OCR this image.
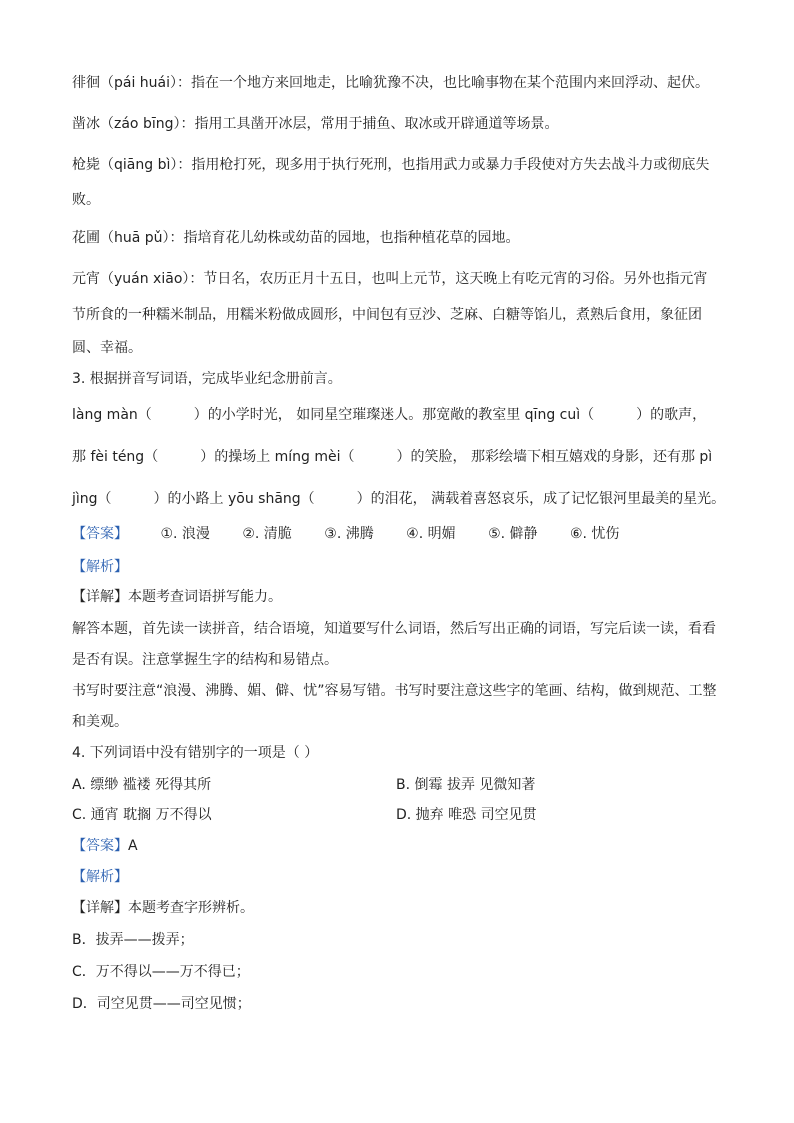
徘徊（pái huái）：指在一个地方来回地走，比喻犹豫不决，也比喻事物在某个范围内来回浮动、起伏。
凿冰（záo bīng）：指用工具凿开冰层，常用于捕鱼、取冰或开辟通道等场景。
枪毙（qiāng bì）：指用枪打死，现多用于执行死刑，也指用武力或暴力手段使对方失去战斗力或彻底失
败。
花圃（huā pǔ）：指培育花儿幼株或幼苗的园地，也指种植花草的园地。
元宵（yuán xiāo）：节日名，农历正月十五日，也叫上元节，这天晚上有吃元宵的习俗。另外也指元宵
节所食的一种糯米制品，用糯米粉做成圆形，中间包有豆沙、芝麻、白糖等馅儿，煮熟后食用，象征团
圆、幸福。
3. 根据拼音写词语，完成毕业纪念册前言。
làng màn（　　　）的小学时光， 如同星空璀璨迷人。那宽敞的教室里 qīng cuì（　　　）的歌声，
那 fèi téng（　　　）的操场上 míng mèi（　　　）的笑脸， 那彩绘墙下相互嬉戏的身影，还有那 pì
jìng（　　　）的小路上 yōu shāng（　　　）的泪花， 满载着喜怒哀乐，成了记忆银河里最美的星光。
【答案】 ①. 浪漫 ②. 清脆 ③. 沸腾 ④. 明媚 ⑤. 僻静 ⑥. 忧伤
【解析】
【详解】本题考查词语拼写能力。
解答本题，首先读一读拼音，结合语境，知道要写什么词语，然后写出正确的词语，写完后读一读，看看
是否有误。注意掌握生字的结构和易错点。
书写时要注意“浪漫、沸腾、媚、僻、忧”容易写错。书写时要注意这些字的笔画、结构，做到规范、工整
和美观。
4. 下列词语中没有错别字的一项是（ ）
A. 缥缈 褴褛 死得其所	B. 倒霉 拔弄 见微知著
C. 通宵 耽搁 万不得以	D. 抛弃 唯恐 司空见贯
【答案】A
【解析】
【详解】本题考查字形辨析。
B．拔弄——拨弄；
C．万不得以——万不得已；
D．司空见贯——司空见惯；
